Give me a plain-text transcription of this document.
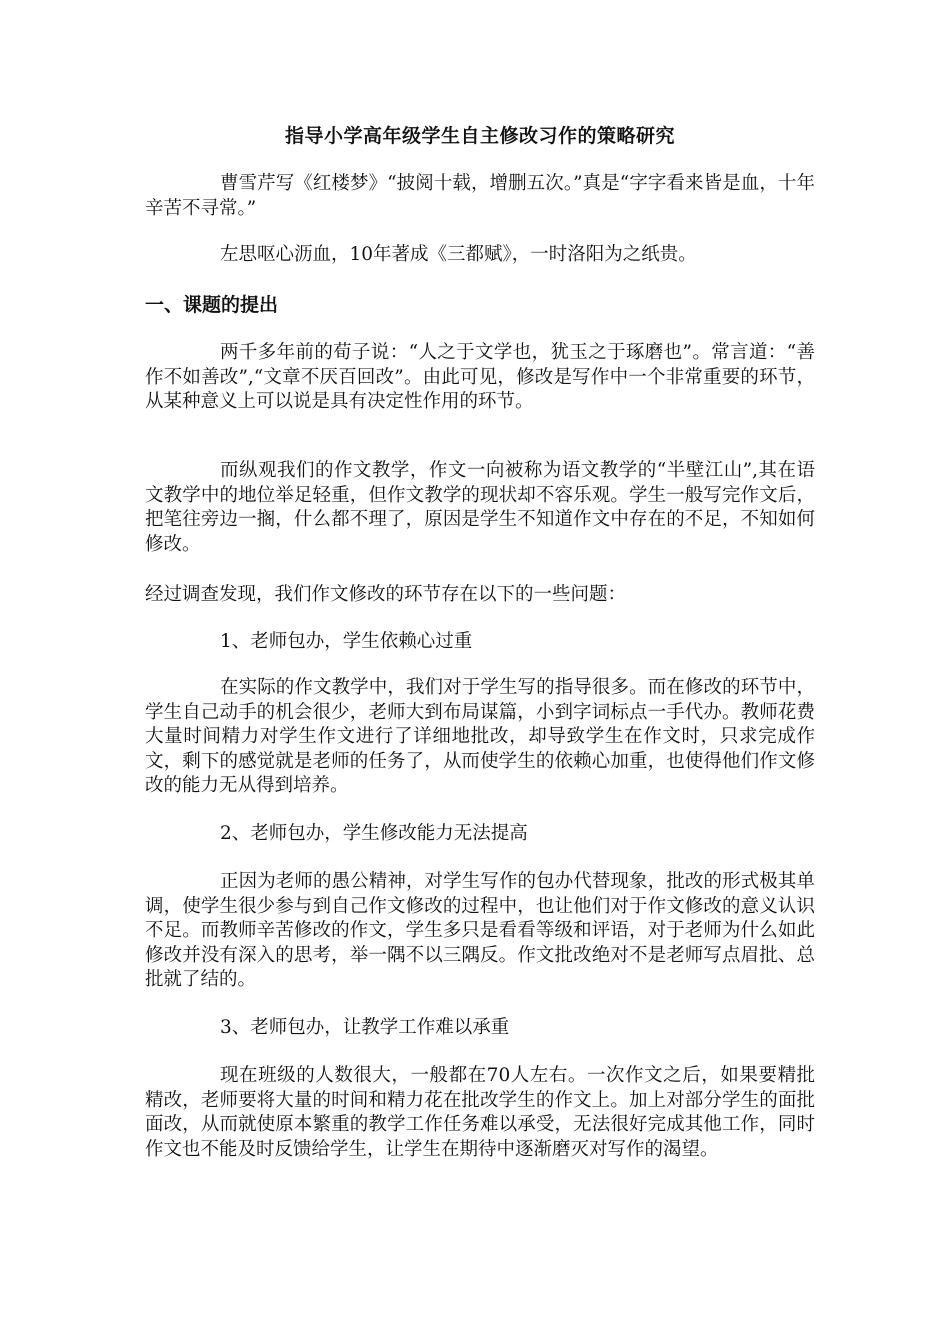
指导小学高年级学生自主修改习作的策略研究

曹雪芹写《红楼梦》“披阅十载，增删五次。”真是“字字看来皆是血，十年辛苦不寻常。”

左思呕心沥血，10年著成《三都赋》，一时洛阳为之纸贵。

一、课题的提出

两千多年前的荀子说：“人之于文学也，犹玉之于琢磨也”。常言道：“善作不如善改”,“文章不厌百回改”。由此可见，修改是写作中一个非常重要的环节，从某种意义上可以说是具有决定性作用的环节。

而纵观我们的作文教学，作文一向被称为语文教学的“半壁江山”,其在语文教学中的地位举足轻重，但作文教学的现状却不容乐观。学生一般写完作文后，把笔往旁边一搁，什么都不理了，原因是学生不知道作文中存在的不足，不知如何修改。

经过调查发现，我们作文修改的环节存在以下的一些问题：

1、老师包办，学生依赖心过重

在实际的作文教学中，我们对于学生写的指导很多。而在修改的环节中，学生自己动手的机会很少，老师大到布局谋篇，小到字词标点一手代办。教师花费大量时间精力对学生作文进行了详细地批改，却导致学生在作文时，只求完成作文，剩下的感觉就是老师的任务了，从而使学生的依赖心加重，也使得他们作文修改的能力无从得到培养。

2、老师包办，学生修改能力无法提高

正因为老师的愚公精神，对学生写作的包办代替现象，批改的形式极其单调，使学生很少参与到自己作文修改的过程中，也让他们对于作文修改的意义认识不足。而教师辛苦修改的作文，学生多只是看看等级和评语，对于老师为什么如此修改并没有深入的思考，举一隅不以三隅反。作文批改绝对不是老师写点眉批、总批就了结的。

3、老师包办，让教学工作难以承重

现在班级的人数很大，一般都在70人左右。一次作文之后，如果要精批精改，老师要将大量的时间和精力花在批改学生的作文上。加上对部分学生的面批面改，从而就使原本繁重的教学工作任务难以承受，无法很好完成其他工作，同时作文也不能及时反馈给学生，让学生在期待中逐渐磨灭对写作的渴望。
